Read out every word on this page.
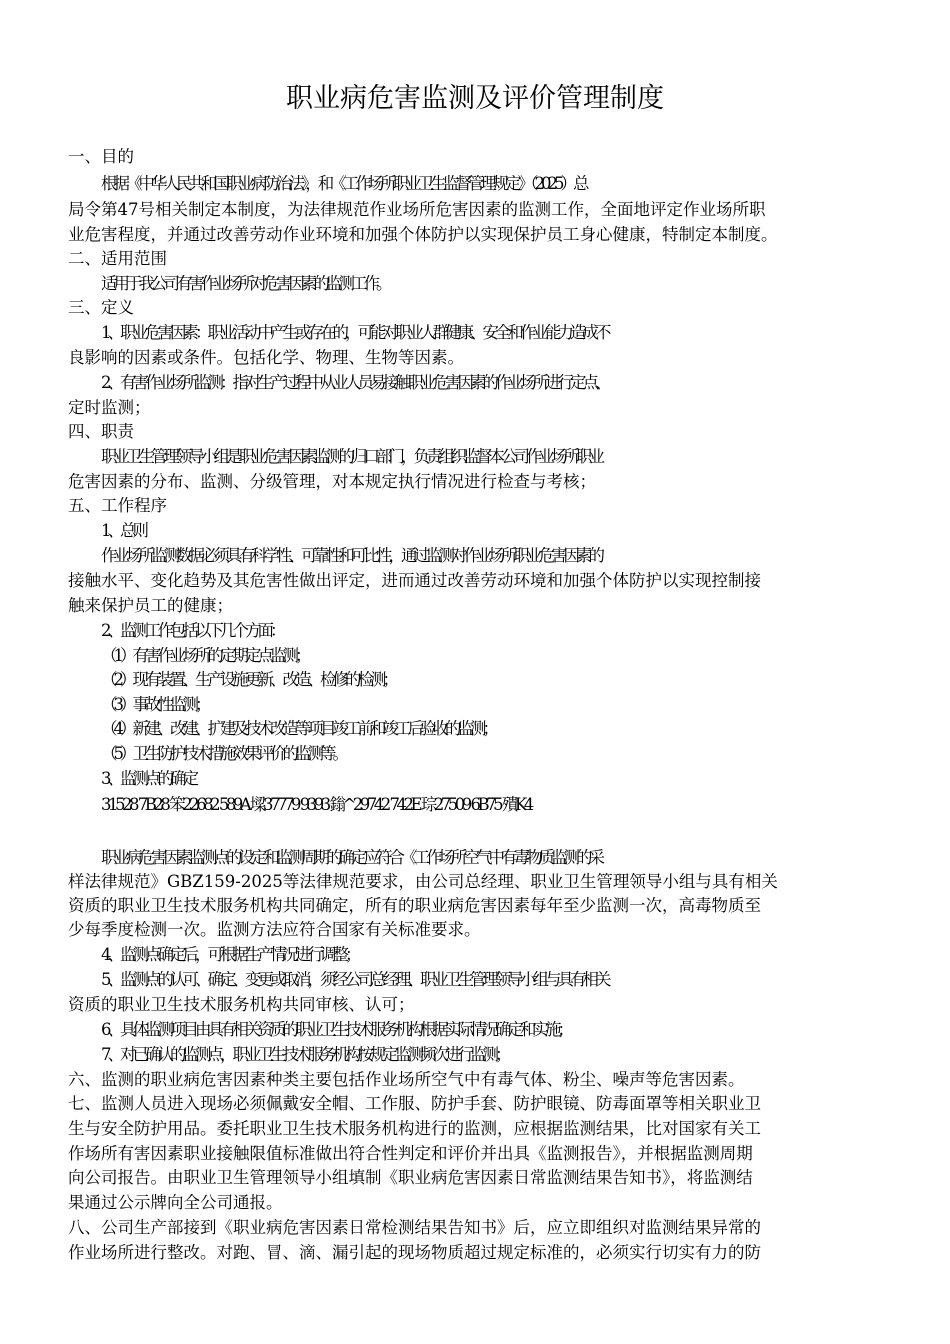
职业病危害监测及评价管理制度
一、目的
根据《中华人民共和国职业病防治法》，和《工作场所职业卫生监督管理规定》（2025）总
局令第47号相关制定本制度，为法律规范作业场所危害因素的监测工作，全面地评定作业场所职
业危害程度，并通过改善劳动作业环境和加强个体防护以实现保护员工身心健康，特制定本制度。
二、适用范围
适用于我公司有害作业场所对危害因素的监测工作。
三、定义
1、职业危害因素：职业活动中产生或存在的，可能对职业人群健康、安全和作业能力造成不
良影响的因素或条件。包括化学、物理、生物等因素。
2、有害作业场所监测：指对生产过程中从业人员易接触职业危害因素的作业场所进行定点、
定时监测；
四、职责
职业卫生管理领导小组是职业危害因素监测的归口部门，负责组织监督本公司作业场所职业
危害因素的分布、监测、分级管理，对本规定执行情况进行检查与考核；
五、工作程序
1、总则
作业场所监测数据必须具有科学性、可靠性和可比性，通过监测对作业场所职业危害因素的
接触水平、变化趋势及其危害性做出评定，进而通过改善劳动环境和加强个体防护以实现控制接
触来保护员工的健康；
2、监测工作包括以下几个方面：
（1）有害作业场所的定期定点监测；
（2）现有装置、生产设施更新、改造、检修的检测；
（3）事故性监测；
（4）新建、改建、扩建及技术改造等项目竣工前和竣工后验收的监测；
（5）卫生防护技术措施效果评价的监测等。
3、监测点的确定
31528 7B28 笨22682 589A 墚37779 9393 鎓^29742 742E 琮27509 6B75 殨K4
职业病危害因素监测点的设定和监测周期的确定应符合《工作场所空气中有毒物质监测的采
样法律规范》GBZ159-2025等法律规范要求，由公司总经理、职业卫生管理领导小组与具有相关
资质的职业卫生技术服务机构共同确定，所有的职业病危害因素每年至少监测一次，高毒物质至
少每季度检测一次。监测方法应符合国家有关标准要求。
4、监测点确定后，可根据生产情况进行调整；
5、监测点的认可、确定、变更或取消，须经公司总经理、职业卫生管理领导小组与具有相关
资质的职业卫生技术服务机构共同审核、认可；
6、具体监测项目由具有相关资质的职业卫生技术服务机构根据实际情况确定和实施；
7、对已确认的监测点，职业卫生技术服务机构按规定监测频次进行监测；
六、监测的职业病危害因素种类主要包括作业场所空气中有毒气体、粉尘、噪声等危害因素。
七、监测人员进入现场必须佩戴安全帽、工作服、防护手套、防护眼镜、防毒面罩等相关职业卫
生与安全防护用品。委托职业卫生技术服务机构进行的监测，应根据监测结果，比对国家有关工
作场所有害因素职业接触限值标准做出符合性判定和评价并出具《监测报告》，并根据监测周期
向公司报告。由职业卫生管理领导小组填制《职业病危害因素日常监测结果告知书》，将监测结
果通过公示牌向全公司通报。
八、公司生产部接到《职业病危害因素日常检测结果告知书》后，应立即组织对监测结果异常的
作业场所进行整改。对跑、冒、滴、漏引起的现场物质超过规定标准的，必须实行切实有力的防
